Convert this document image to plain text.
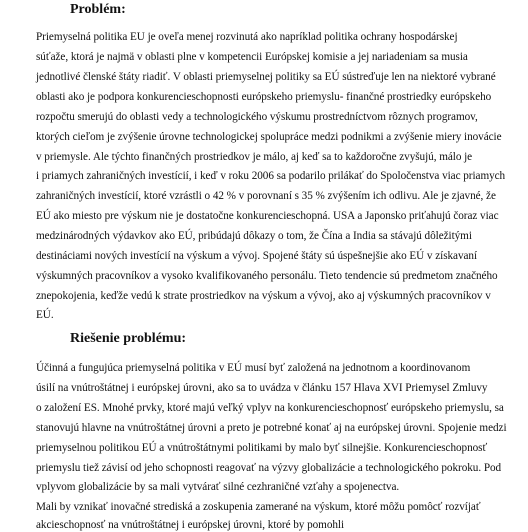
Problém:
Priemyselná politika EU je oveľa menej rozvinutá ako napríklad politika ochrany hospodárskej
súťaže, ktorá je najmä v oblasti plne v kompetencii Európskej komisie a jej nariadeniam sa musia
jednotlivé členské štáty riadiť. V oblasti priemyselnej politiky sa EÚ sústreďuje len na niektoré vybrané
oblasti ako je podpora konkurencieschopnosti európskeho priemyslu- finančné prostriedky európskeho
rozpočtu smerujú do oblasti vedy a technologického výskumu prostredníctvom rôznych programov,
ktorých cieľom je zvýšenie úrovne technologickej spolupráce medzi podnikmi a zvýšenie miery inovácie
v priemysle. Ale týchto finančných prostriedkov je málo, aj keď sa to každoročne zvyšujú, málo je
i priamych zahraničných investícií, i keď v roku 2006 sa podarilo prilákať do Spoločenstva viac priamych
zahraničných investícií, ktoré vzrástli o 42 % v porovnaní s 35 % zvýšením ich odlivu. Ale je zjavné, že
EÚ ako miesto pre výskum nie je dostatočne konkurencieschopná. USA a Japonsko priťahujú čoraz viac
medzinárodných výdavkov ako EÚ, pribúdajú dôkazy o tom, že Čína a India sa stávajú dôležitými
destináciami nových investícií na výskum a vývoj. Spojené štáty sú úspešnejšie ako EÚ v získavaní
výskumných pracovníkov a vysoko kvalifikovaného personálu. Tieto tendencie sú predmetom značného
znepokojenia, keďže vedú k strate prostriedkov na výskum a vývoj, ako aj výskumných pracovníkov v
EÚ.
Riešenie problému:
Účinná a fungujúca priemyselná politika v EÚ musí byť založená na jednotnom a koordinovanom
úsilí na vnútroštátnej i európskej úrovni, ako sa to uvádza v článku 157 Hlava XVI Priemysel Zmluvy
o založení ES. Mnohé prvky, ktoré majú veľký vplyv na konkurencieschopnosť európskeho priemyslu, sa
stanovujú hlavne na vnútroštátnej úrovni a preto je potrebné konať aj na európskej úrovni. Spojenie medzi
priemyselnou politikou EÚ a vnútroštátnymi politikami by malo byť silnejšie. Konkurencieschopnosť
priemyslu tiež závisí od jeho schopnosti reagovať na výzvy globalizácie a technologického pokroku. Pod
vplyvom globalizácie by sa mali vytvárať silné cezhraničné vzťahy a spojenectva.
Mali by vznikať inovačné strediská a zoskupenia zamerané na výskum, ktoré môžu pomôcť rozvíjať
akcieschopnosť na vnútroštátnej i európskej úrovni, ktoré by pomohli
